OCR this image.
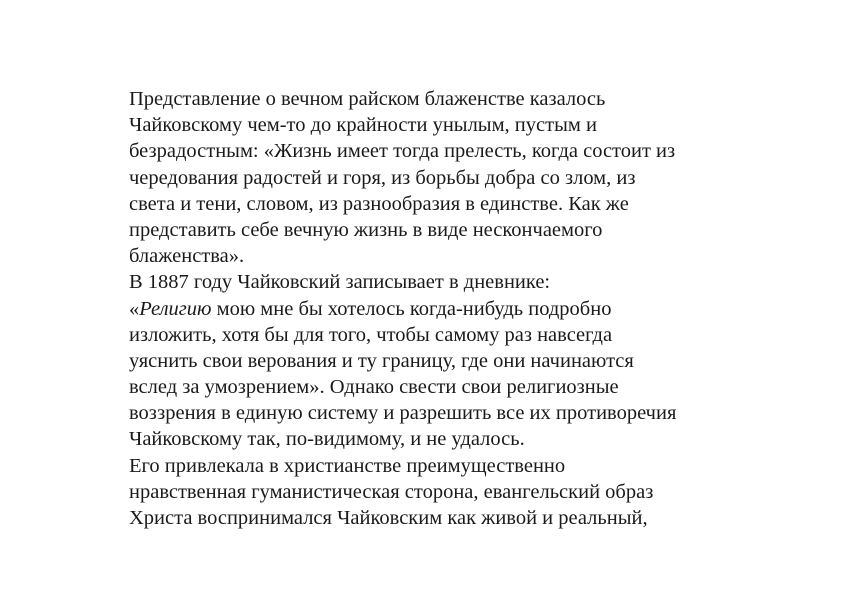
Представление о вечном райском блаженстве казалось
Чайковскому чем-то до крайности унылым, пустым и
безрадостным: «Жизнь имеет тогда прелесть, когда состоит из
чередования радостей и горя, из борьбы добра со злом, из
света и тени, словом, из разнообразия в единстве. Как же
представить себе вечную жизнь в виде нескончаемого
блаженства».
В 1887 году Чайковский записывает в дневнике:
«Религию мою мне бы хотелось когда-нибудь подробно
изложить, хотя бы для того, чтобы самому раз навсегда
уяснить свои верования и ту границу, где они начинаются
вслед за умозрением». Однако свести свои религиозные
воззрения в единую систему и разрешить все их противоречия
Чайковскому так, по-видимому, и не удалось.
Его привлекала в христианстве преимущественно
нравственная гуманистическая сторона, евангельский образ
Христа воспринимался Чайковским как живой и реальный,
